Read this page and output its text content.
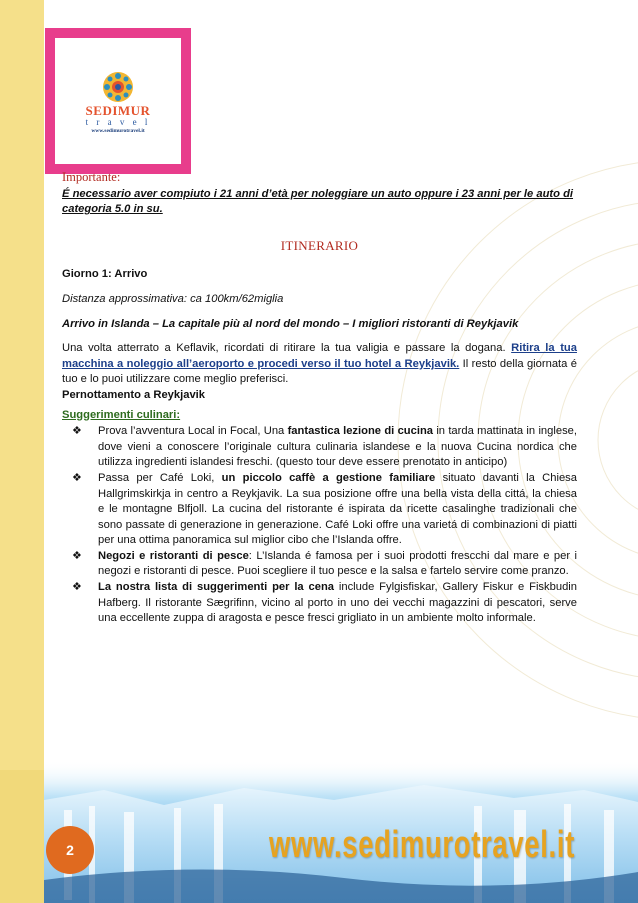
SEDIMUR
t r a v e l
www.sedimurotravel.it

Importante:

É necessario aver compiuto i 21 anni d’età per noleggiare un auto oppure i 23 anni per le auto di categoria 5.0 in su.

ITINERARIO

Giorno 1: Arrivo

Distanza approssimativa: ca 100km/62miglia

Arrivo in Islanda – La capitale più al nord del mondo – I migliori ristoranti di Reykjavik

Una volta atterrato a Keflavik, ricordati di ritirare la tua valigia e passare la dogana. Ritira la tua macchina a noleggio all’aeroporto e procedi verso il tuo hotel a Reykjavik. Il resto della giornata é tuo e lo puoi utilizzare come meglio preferisci.

Pernottamento a Reykjavik

Suggerimenti culinari:

❖ Prova l’avventura Local in Focal, Una fantastica lezione di cucina in tarda mattinata in inglese, dove vieni a conoscere l’originale cultura culinaria islandese e la nuova Cucina nordica che utilizza ingredienti islandesi freschi. (questo tour deve essere prenotato in anticipo)
❖ Passa per Café Loki, un piccolo caffè a gestione familiare situato davanti la Chiesa Hallgrimskirkja in centro a Reykjavik. La sua posizione offre una bella vista della cittá, la chiesa e le montagne Blfjoll. La cucina del ristorante é ispirata da ricette casalinghe tradizionali che sono passate di generazione in generazione. Café Loki offre una varietá di combinazioni di piatti per una ottima panoramica sul miglior cibo che l’Islanda offre.
❖ Negozi e ristoranti di pesce: L’Islanda é famosa per i suoi prodotti frescchi dal mare e per i negozi e ristoranti di pesce. Puoi scegliere il tuo pesce e la salsa e fartelo servire come pranzo.
❖ La nostra lista di suggerimenti per la cena include Fylgisfiskar, Gallery Fiskur e Fiskbudin Hafberg. Il ristorante Sægrifinn, vicino al porto in uno dei vecchi magazzini di pescatori, serve una eccellente zuppa di aragosta e pesce fresci grigliato in un ambiente molto informale.
www.sedimurotravel.it
2
